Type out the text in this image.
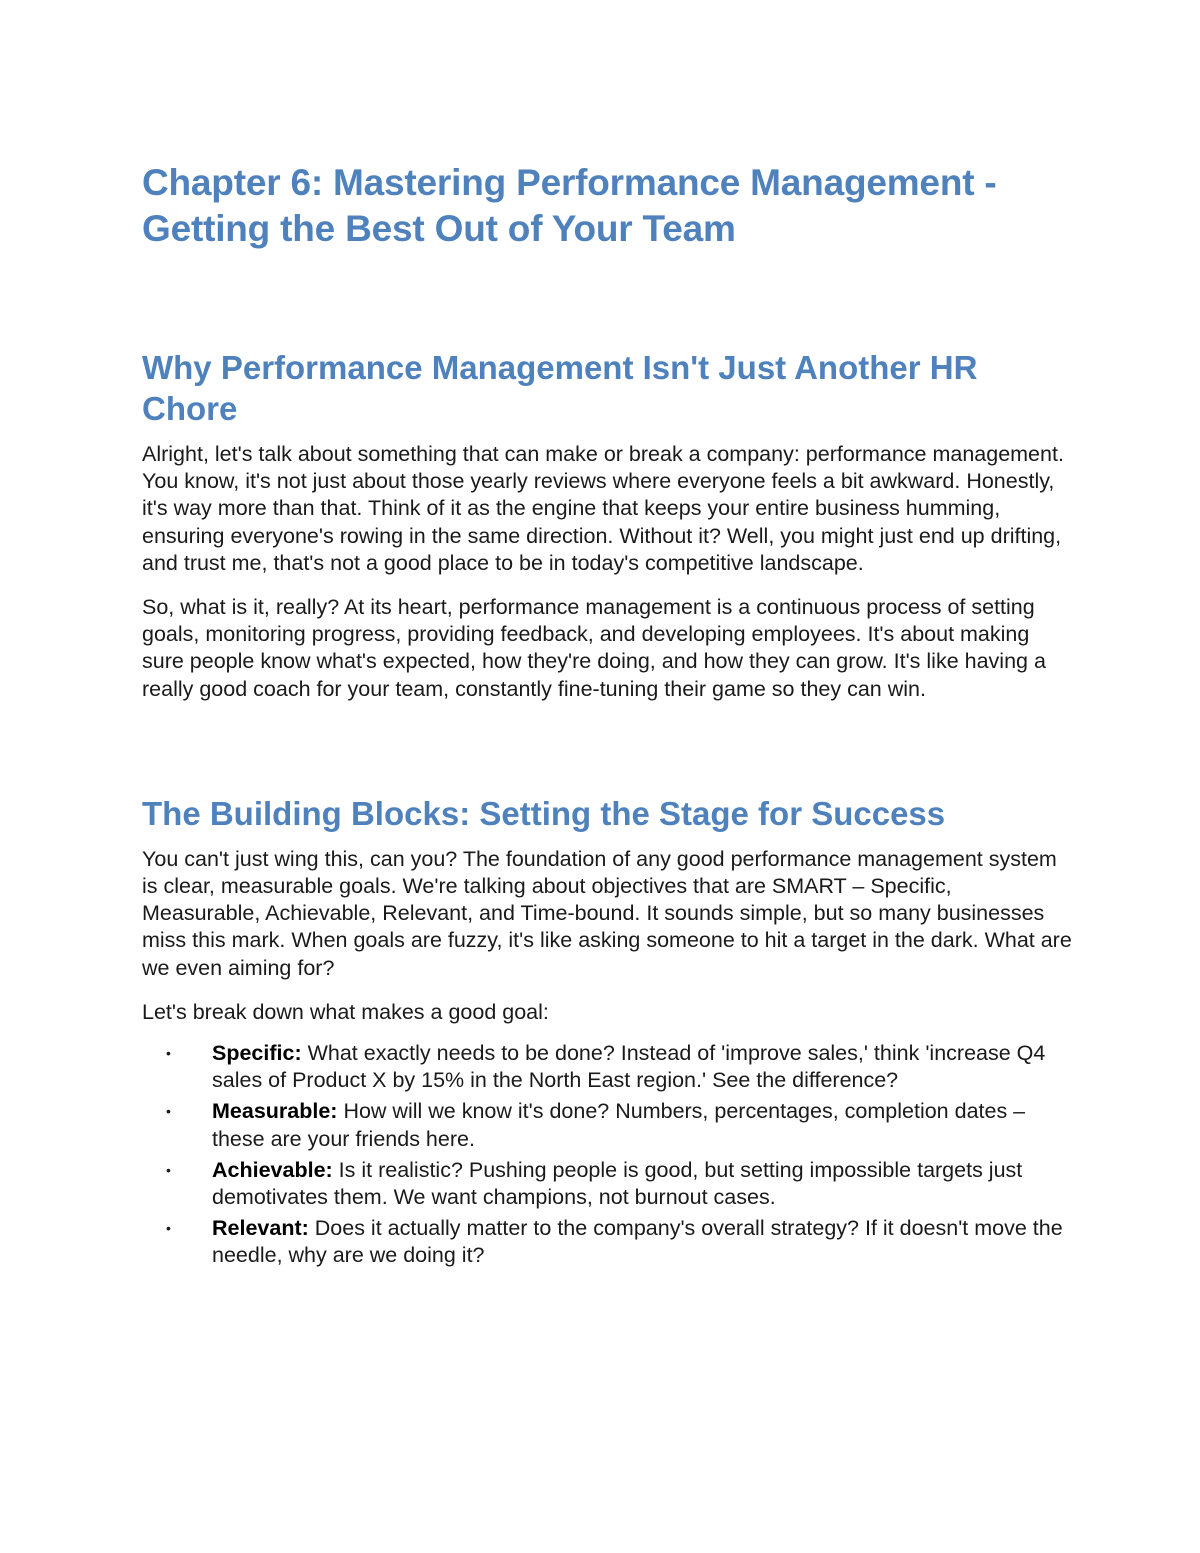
Chapter 6: Mastering Performance Management - Getting the Best Out of Your Team
Why Performance Management Isn't Just Another HR Chore

Alright, let's talk about something that can make or break a company: performance management. You know, it's not just about those yearly reviews where everyone feels a bit awkward. Honestly, it's way more than that. Think of it as the engine that keeps your entire business humming, ensuring everyone's rowing in the same direction. Without it? Well, you might just end up drifting, and trust me, that's not a good place to be in today's competitive landscape.

So, what is it, really? At its heart, performance management is a continuous process of setting goals, monitoring progress, providing feedback, and developing employees. It's about making sure people know what's expected, how they're doing, and how they can grow. It's like having a really good coach for your team, constantly fine-tuning their game so they can win.

The Building Blocks: Setting the Stage for Success

You can't just wing this, can you? The foundation of any good performance management system is clear, measurable goals. We're talking about objectives that are SMART – Specific, Measurable, Achievable, Relevant, and Time-bound. It sounds simple, but so many businesses miss this mark. When goals are fuzzy, it's like asking someone to hit a target in the dark. What are we even aiming for?

Let's break down what makes a good goal:

• Specific: What exactly needs to be done? Instead of 'improve sales,' think 'increase Q4 sales of Product X by 15% in the North East region.' See the difference?
• Measurable: How will we know it's done? Numbers, percentages, completion dates – these are your friends here.
• Achievable: Is it realistic? Pushing people is good, but setting impossible targets just demotivates them. We want champions, not burnout cases.
• Relevant: Does it actually matter to the company's overall strategy? If it doesn't move the needle, why are we doing it?
